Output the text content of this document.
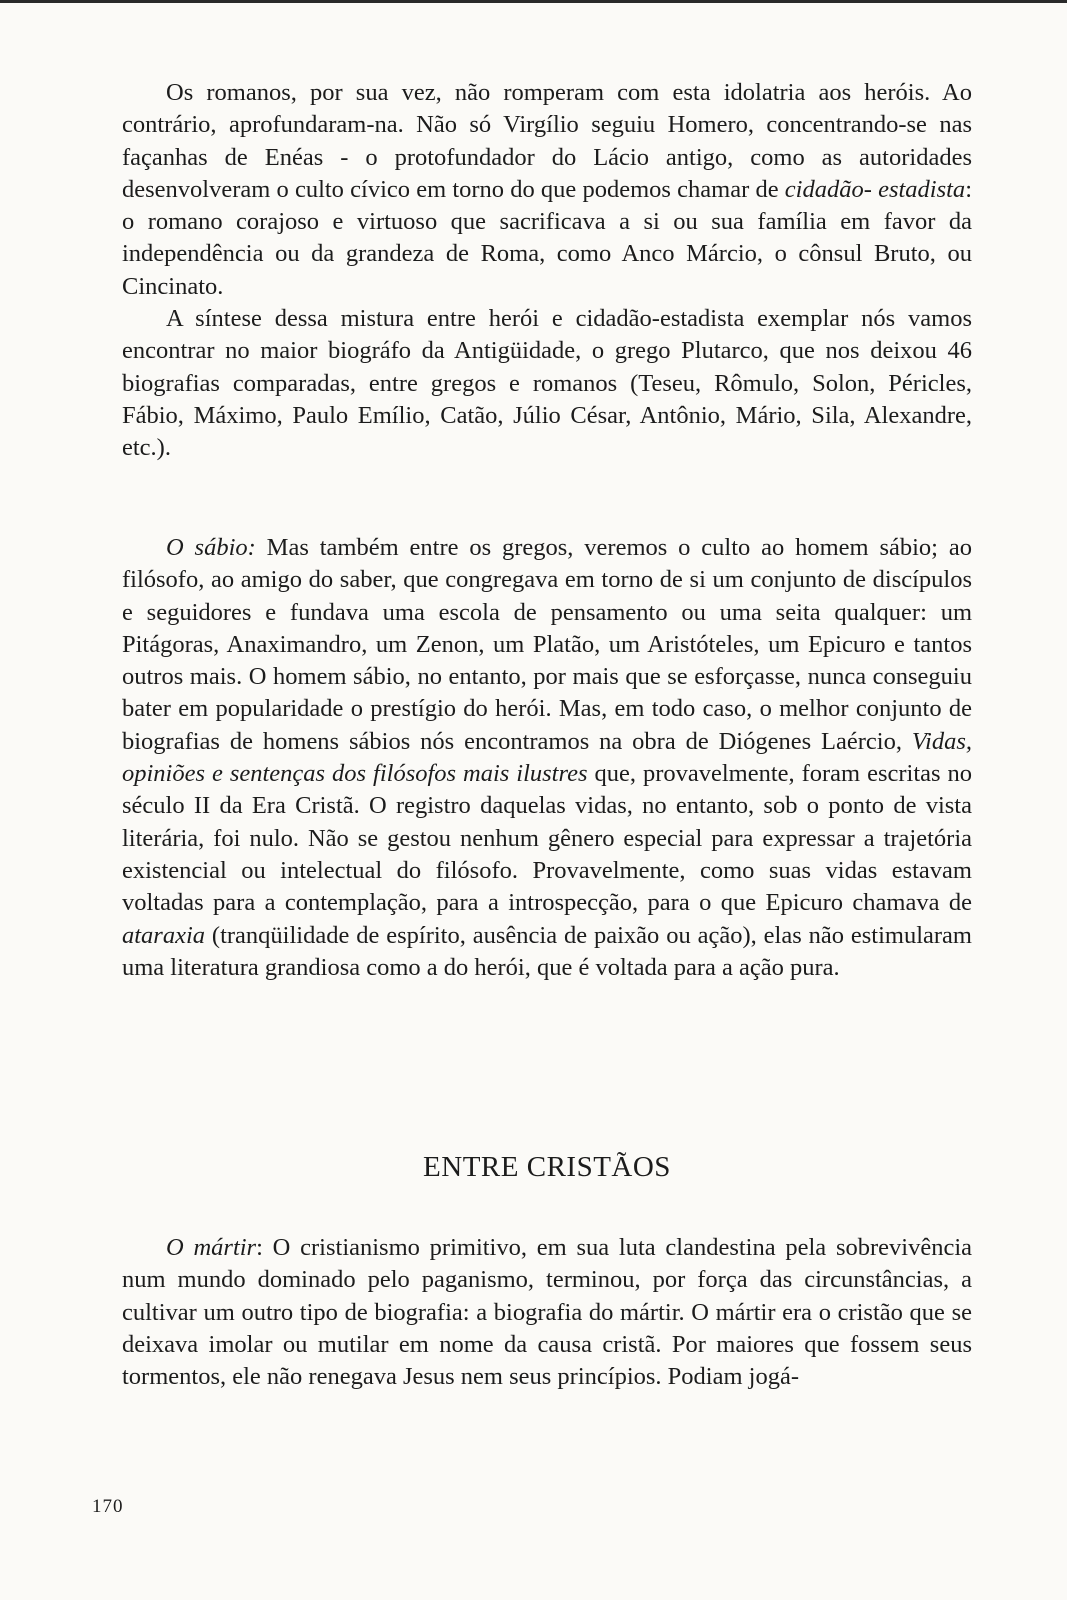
Os romanos, por sua vez, não romperam com esta idolatria aos heróis. Ao contrário, aprofundaram-na. Não só Virgílio seguiu Homero, concentrando-se nas façanhas de Enéas - o protofundador do Lácio antigo, como as autoridades desenvolveram o culto cívico em torno do que podemos chamar de cidadão- estadista: o romano corajoso e virtuoso que sacrificava a si ou sua família em favor da independência ou da grandeza de Roma, como Anco Márcio, o cônsul Bruto, ou Cincinato.

A síntese dessa mistura entre herói e cidadão-estadista exemplar nós vamos encontrar no maior biográfo da Antigüidade, o grego Plutarco, que nos deixou 46 biografias comparadas, entre gregos e romanos (Teseu, Rômulo, Solon, Péricles, Fábio, Máximo, Paulo Emílio, Catão, Júlio César, Antônio, Mário, Sila, Alexandre, etc.).

O sábio: Mas também entre os gregos, veremos o culto ao homem sábio; ao filósofo, ao amigo do saber, que congregava em torno de si um conjunto de discípulos e seguidores e fundava uma escola de pensamento ou uma seita qualquer: um Pitágoras, Anaximandro, um Zenon, um Platão, um Aristóteles, um Epicuro e tantos outros mais. O homem sábio, no entanto, por mais que se esforçasse, nunca conseguiu bater em popularidade o prestígio do herói. Mas, em todo caso, o melhor conjunto de biografias de homens sábios nós encontramos na obra de Diógenes Laércio, Vidas, opiniões e sentenças dos filósofos mais ilustres que, provavelmente, foram escritas no século II da Era Cristã. O registro daquelas vidas, no entanto, sob o ponto de vista literária, foi nulo. Não se gestou nenhum gênero especial para expressar a trajetória existencial ou intelectual do filósofo. Provavelmente, como suas vidas estavam voltadas para a contemplação, para a introspecção, para o que Epicuro chamava de ataraxia (tranqüilidade de espírito, ausência de paixão ou ação), elas não estimularam uma literatura grandiosa como a do herói, que é voltada para a ação pura.

ENTRE CRISTÃOS

O mártir: O cristianismo primitivo, em sua luta clandestina pela sobrevivência num mundo dominado pelo paganismo, terminou, por força das circunstâncias, a cultivar um outro tipo de biografia: a biografia do mártir. O mártir era o cristão que se deixava imolar ou mutilar em nome da causa cristã. Por maiores que fossem seus tormentos, ele não renegava Jesus nem seus princípios. Podiam jogá-

170
